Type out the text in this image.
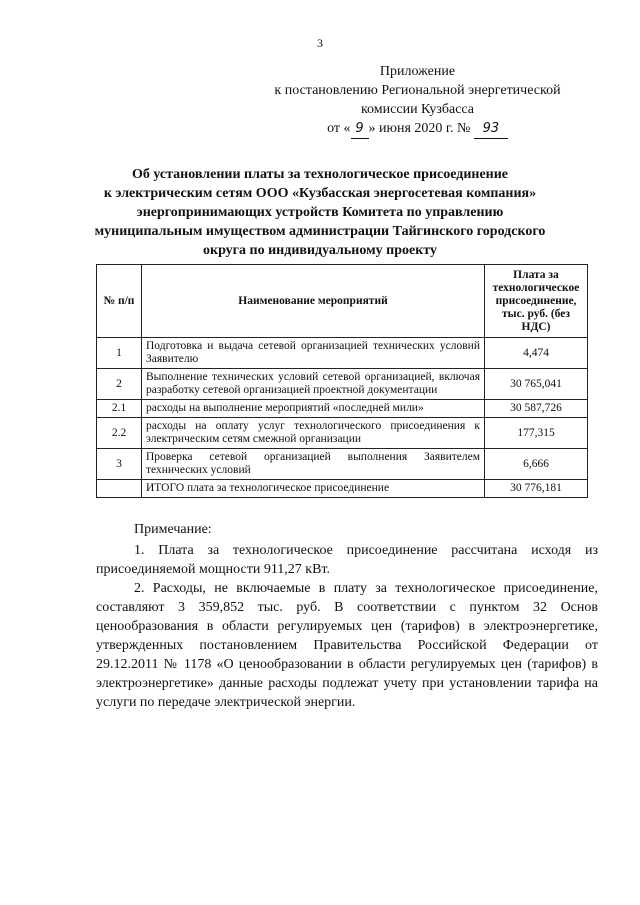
3
Приложение
к постановлению Региональной энергетической
комиссии Кузбасса
от « 9 » июня 2020 г. № 93
Об установлении платы за технологическое присоединение
к электрическим сетям ООО «Кузбасская энергосетевая компания»
энергопринимающих устройств Комитета по управлению
муниципальным имуществом администрации Тайгинского городского
округа по индивидуальному проекту
№ п/п	Наименование мероприятий	Плата за технологическое присоединение, тыс. руб. (без НДС)
1	Подготовка и выдача сетевой организацией технических условий Заявителю	4,474
2	Выполнение технических условий сетевой организацией, включая разработку сетевой организацией проектной документации	30 765,041
2.1	расходы на выполнение мероприятий «последней мили»	30 587,726
2.2	расходы на оплату услуг технологического присоединения к электрическим сетям смежной организации	177,315
3	Проверка сетевой организацией выполнения Заявителем технических условий	6,666
	ИТОГО плата за технологическое присоединение	30 776,181
Примечание:

1. Плата за технологическое присоединение рассчитана исходя из присоединяемой мощности 911,27 кВт.

2. Расходы, не включаемые в плату за технологическое присоединение, составляют 3 359,852 тыс. руб. В соответствии с пунктом 32 Основ ценообразования в области регулируемых цен (тарифов) в электроэнергетике, утвержденных постановлением Правительства Российской Федерации от 29.12.2011 № 1178 «О ценообразовании в области регулируемых цен (тарифов) в электроэнергетике» данные расходы подлежат учету при установлении тарифа на услуги по передаче электрической энергии.
